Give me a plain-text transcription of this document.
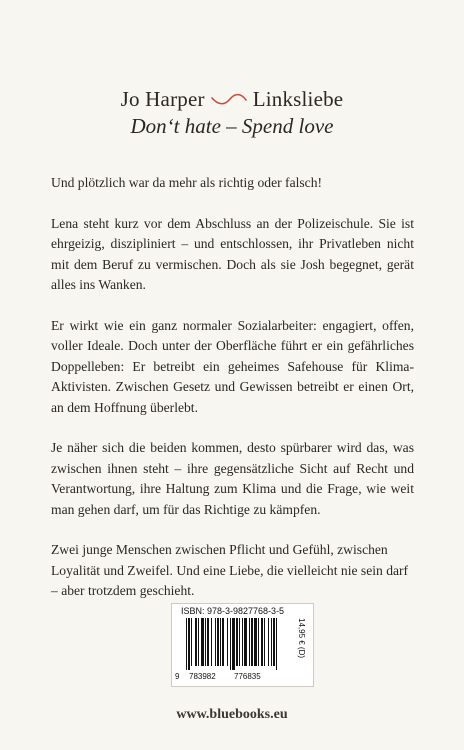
Jo Harper Linksliebe
Don‘t hate – Spend love

Und plötzlich war da mehr als richtig oder falsch!

Lena steht kurz vor dem Abschluss an der Polizeischule. Sie ist ehrgeizig, diszipliniert – und entschlossen, ihr Privatleben nicht mit dem Beruf zu vermischen. Doch als sie Josh begegnet, gerät alles ins Wanken.

Er wirkt wie ein ganz normaler Sozialarbeiter: engagiert, offen, voller Ideale. Doch unter der Oberfläche führt er ein gefährliches Doppelleben: Er betreibt ein geheimes Safehouse für Klima-Aktivisten. Zwischen Gesetz und Gewissen betreibt er einen Ort, an dem Hoffnung überlebt.

Je näher sich die beiden kommen, desto spürbarer wird das, was zwischen ihnen steht – ihre gegensätzliche Sicht auf Recht und Verantwortung, ihre Haltung zum Klima und die Frage, wie weit man gehen darf, um für das Richtige zu kämpfen.

Zwei junge Menschen zwischen Pflicht und Gefühl, zwischen Loyalität und Zweifel. Und eine Liebe, die vielleicht nie sein darf – aber trotzdem geschieht.

ISBN: 978-3-9827768-3-5
14,95 € (D)
9 783982 776835
www.bluebooks.eu
